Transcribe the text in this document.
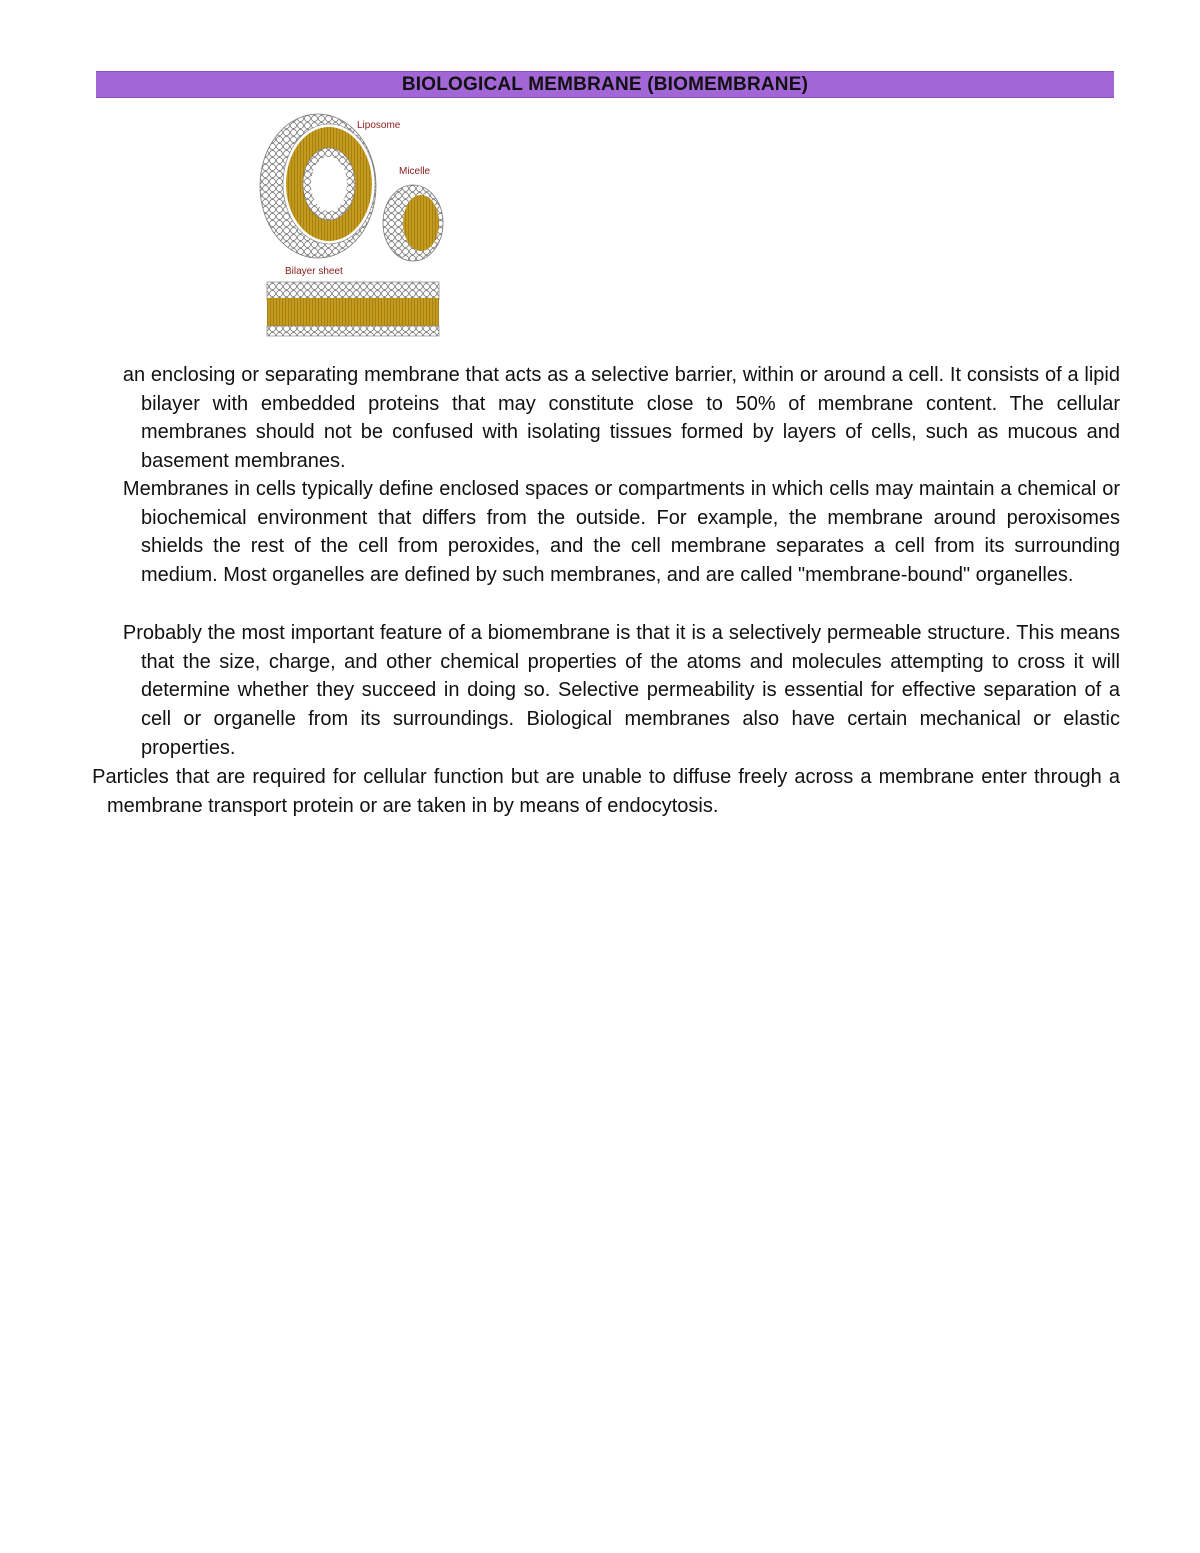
BIOLOGICAL MEMBRANE (BIOMEMBRANE)
Liposome
Micelle
Bilayer sheet
an enclosing or separating membrane that acts as a selective barrier, within or around a cell. It consists of a lipid bilayer with embedded proteins that may constitute close to 50% of membrane content. The cellular membranes should not be confused with isolating tissues formed by layers of cells, such as mucous and basement membranes.
Membranes in cells typically define enclosed spaces or compartments in which cells may maintain a chemical or biochemical environment that differs from the outside. For example, the membrane around peroxisomes shields the rest of the cell from peroxides, and the cell membrane separates a cell from its surrounding medium. Most organelles are defined by such membranes, and are called "membrane-bound" organelles.
Probably the most important feature of a biomembrane is that it is a selectively permeable structure. This means that the size, charge, and other chemical properties of the atoms and molecules attempting to cross it will determine whether they succeed in doing so. Selective permeability is essential for effective separation of a cell or organelle from its surroundings. Biological membranes also have certain mechanical or elastic properties.
Particles that are required for cellular function but are unable to diffuse freely across a membrane enter through a membrane transport protein or are taken in by means of endocytosis.
